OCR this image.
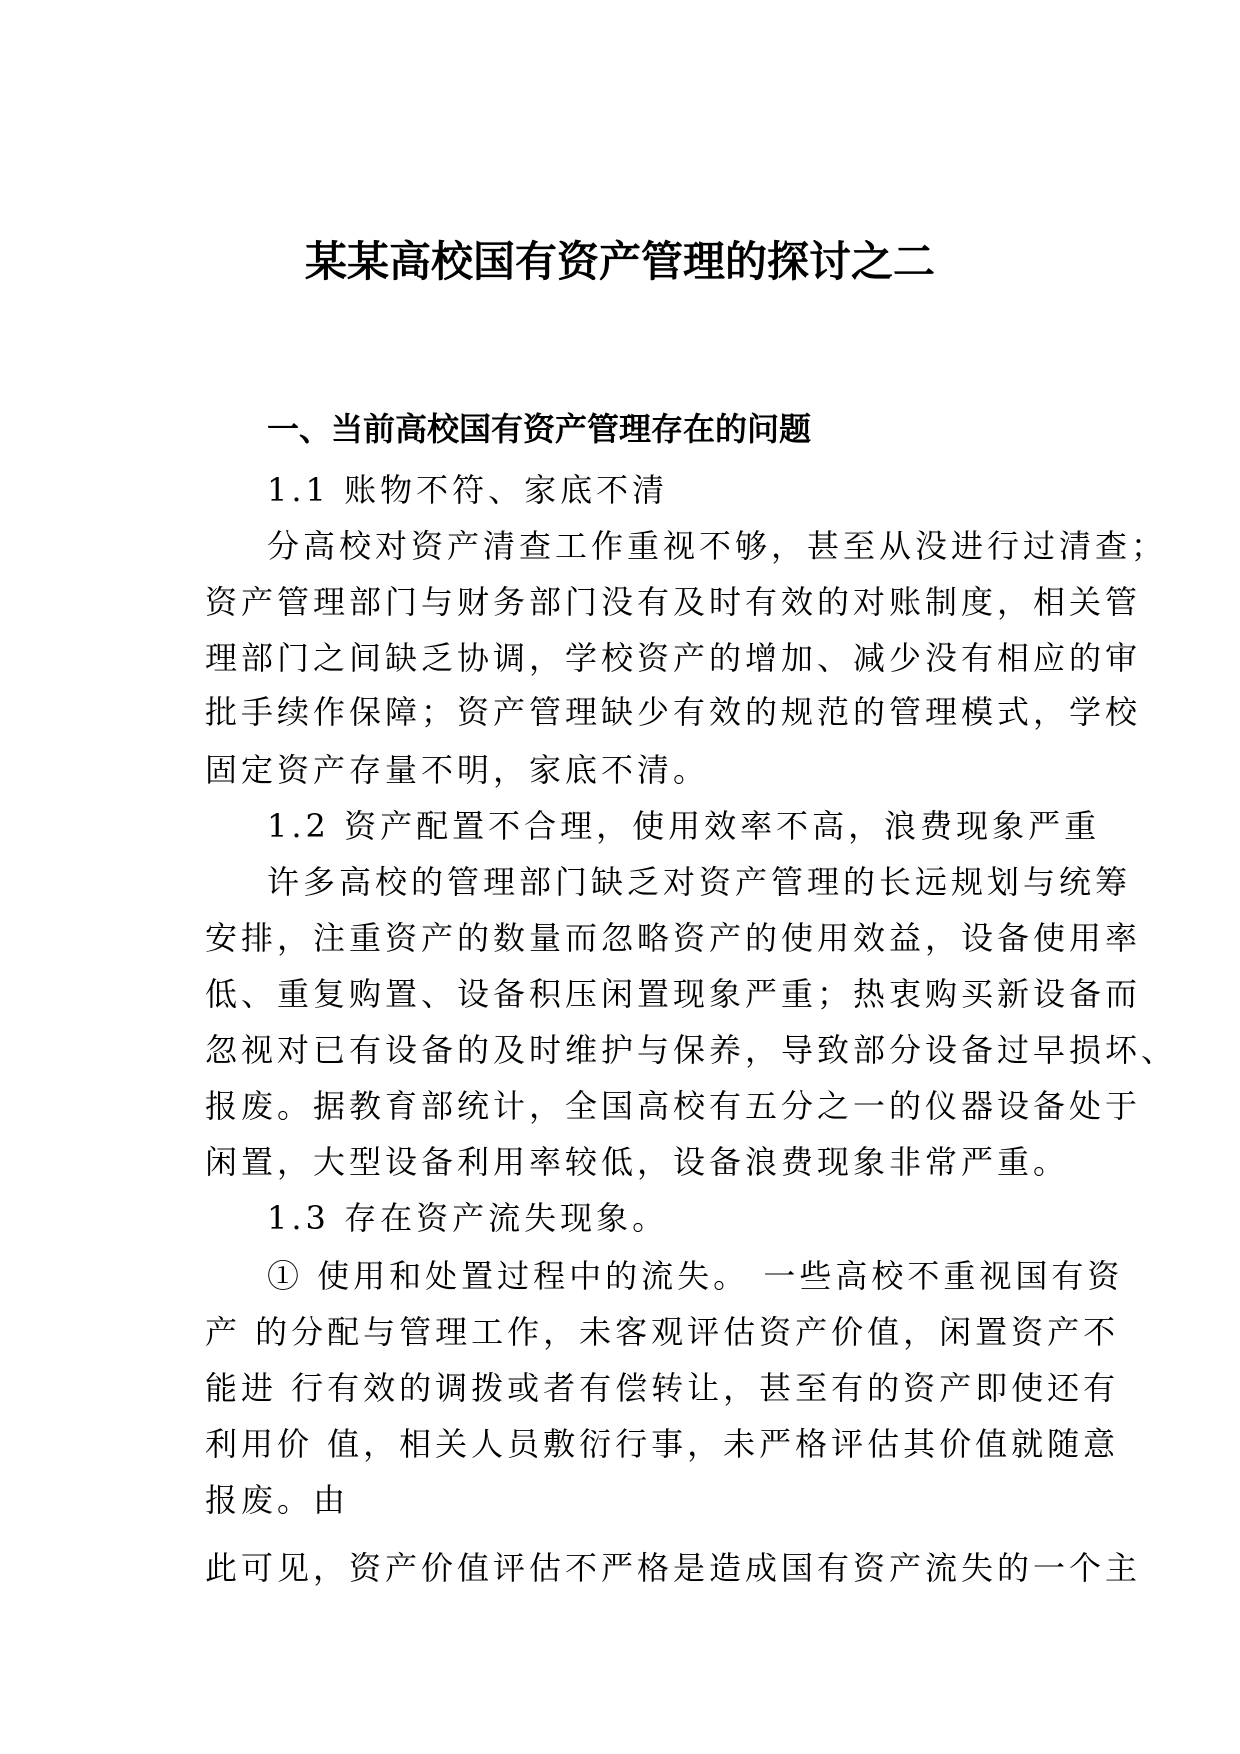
某某高校国有资产管理的探讨之二
一、当前高校国有资产管理存在的问题
1.1 账物不符、家底不清
分高校对资产清查工作重视不够，甚至从没进行过清查；
资产管理部门与财务部门没有及时有效的对账制度，相关管
理部门之间缺乏协调，学校资产的增加、减少没有相应的审
批手续作保障；资产管理缺少有效的规范的管理模式，学校
固定资产存量不明，家底不清。
1.2 资产配置不合理，使用效率不高，浪费现象严重
许多高校的管理部门缺乏对资产管理的长远规划与统筹
安排，注重资产的数量而忽略资产的使用效益，设备使用率
低、重复购置、设备积压闲置现象严重；热衷购买新设备而
忽视对已有设备的及时维护与保养，导致部分设备过早损坏、
报废。据教育部统计，全国高校有五分之一的仪器设备处于
闲置，大型设备利用率较低，设备浪费现象非常严重。
1.3 存在资产流失现象。
① 使用和处置过程中的流失。 一些高校不重视国有资
产 的分配与管理工作，未客观评估资产价值，闲置资产不
能进 行有效的调拨或者有偿转让，甚至有的资产即使还有
利用价 值，相关人员敷衍行事，未严格评估其价值就随意
报废。由
此可见，资产价值评估不严格是造成国有资产流失的一个主
